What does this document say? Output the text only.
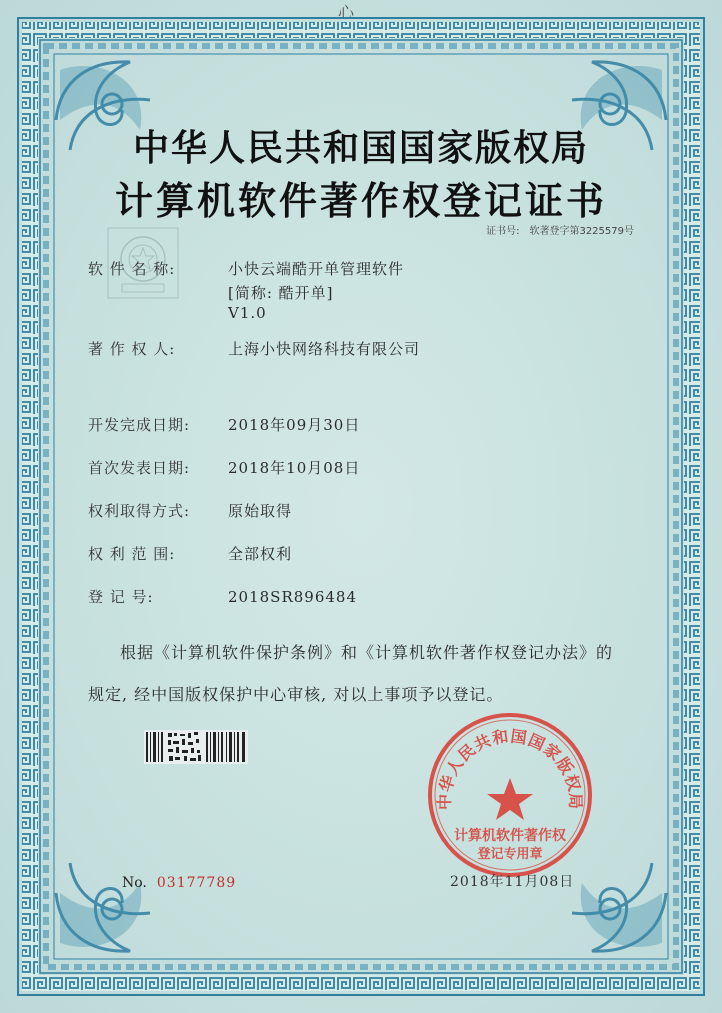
心
中华人民共和国国家版权局
计算机软件著作权登记证书
证书号: 软著登字第3225579号
软 件 名 称:	小快云端酷开单管理软件
[简称: 酷开单]
V1.0
著 作 权 人:	上海小快网络科技有限公司
开发完成日期:	2018年09月30日
首次发表日期:	2018年10月08日
权利取得方式:	原始取得
权 利 范 围:	全部权利
登 记 号:	2018SR896484
根据《计算机软件保护条例》和《计算机软件著作权登记办法》的
规定, 经中国版权保护中心审核, 对以上事项予以登记。
中华人民共和国国家版权局
计算机软件著作权
登记专用章
No. 03177789	2018年11月08日
